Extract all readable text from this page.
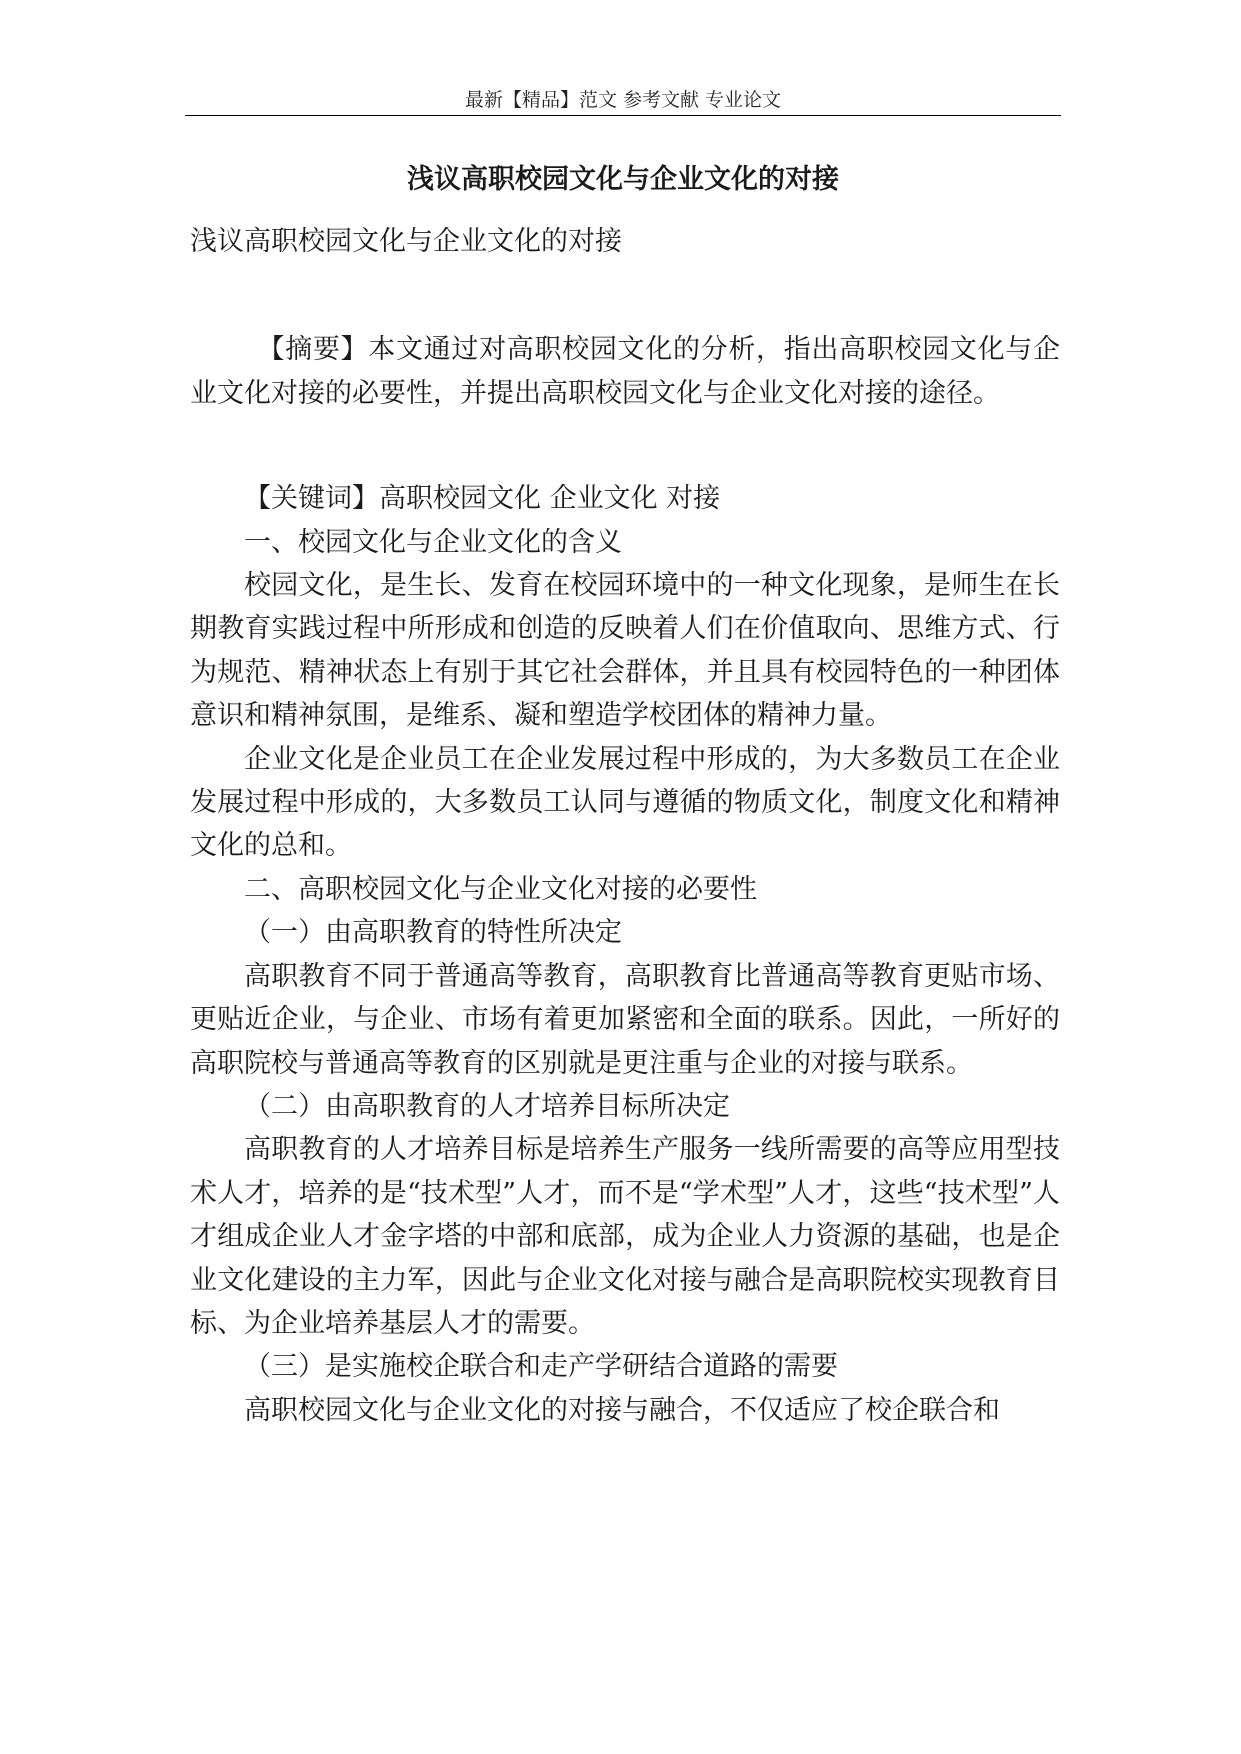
最新【精品】范文 参考文献 专业论文
浅议高职校园文化与企业文化的对接

浅议高职校园文化与企业文化的对接

【摘要】本文通过对高职校园文化的分析，指出高职校园文化与企业文化对接的必要性，并提出高职校园文化与企业文化对接的途径。

【关键词】高职校园文化 企业文化 对接

一、校园文化与企业文化的含义

校园文化，是生长、发育在校园环境中的一种文化现象，是师生在长期教育实践过程中所形成和创造的反映着人们在价值取向、思维方式、行为规范、精神状态上有别于其它社会群体，并且具有校园特色的一种团体意识和精神氛围，是维系、凝和塑造学校团体的精神力量。

企业文化是企业员工在企业发展过程中形成的，为大多数员工在企业发展过程中形成的，大多数员工认同与遵循的物质文化，制度文化和精神文化的总和。

二、高职校园文化与企业文化对接的必要性

（一）由高职教育的特性所决定

高职教育不同于普通高等教育，高职教育比普通高等教育更贴市场、更贴近企业，与企业、市场有着更加紧密和全面的联系。因此，一所好的高职院校与普通高等教育的区别就是更注重与企业的对接与联系。

（二）由高职教育的人才培养目标所决定

高职教育的人才培养目标是培养生产服务一线所需要的高等应用型技术人才，培养的是“技术型”人才，而不是“学术型”人才，这些“技术型”人才组成企业人才金字塔的中部和底部，成为企业人力资源的基础，也是企业文化建设的主力军，因此与企业文化对接与融合是高职院校实现教育目标、为企业培养基层人才的需要。

（三）是实施校企联合和走产学研结合道路的需要

高职校园文化与企业文化的对接与融合，不仅适应了校企联合和
